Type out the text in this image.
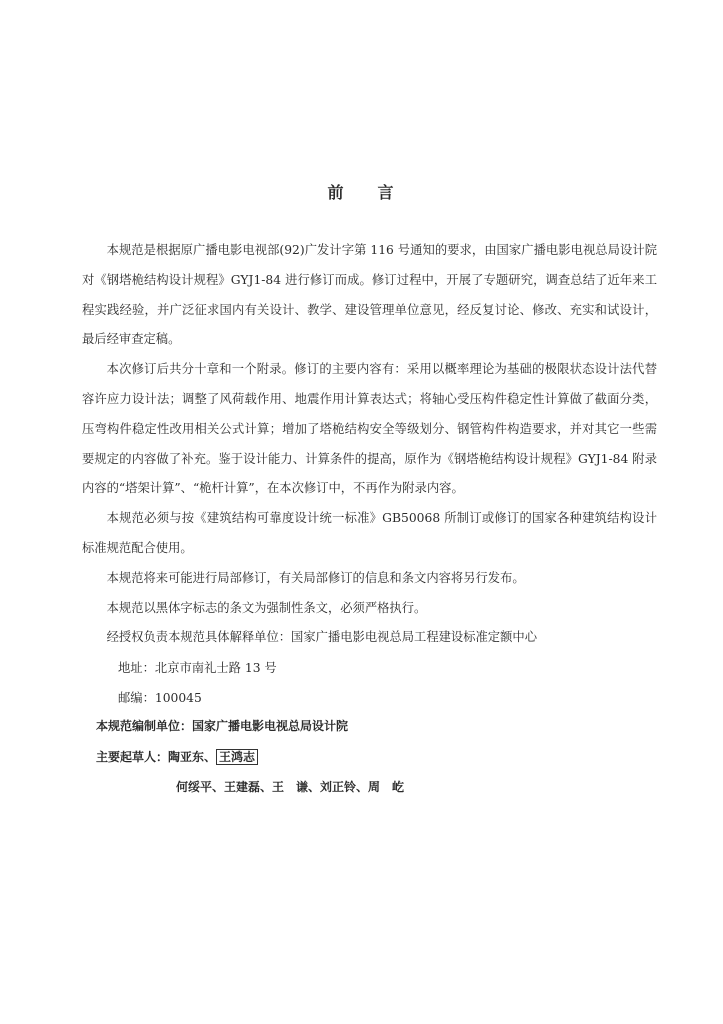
前 言

本规范是根据原广播电影电视部(92)广发计字第 116 号通知的要求，由国家广播电影电视总局设计院对《钢塔桅结构设计规程》GYJ1-84 进行修订而成。修订过程中，开展了专题研究，调查总结了近年来工程实践经验，并广泛征求国内有关设计、教学、建设管理单位意见，经反复讨论、修改、充实和试设计，最后经审查定稿。

本次修订后共分十章和一个附录。修订的主要内容有：采用以概率理论为基础的极限状态设计法代替容许应力设计法；调整了风荷载作用、地震作用计算表达式；将轴心受压构件稳定性计算做了截面分类，压弯构件稳定性改用相关公式计算；增加了塔桅结构安全等级划分、钢管构件构造要求，并对其它一些需要规定的内容做了补充。鉴于设计能力、计算条件的提高，原作为《钢塔桅结构设计规程》GYJ1-84 附录内容的“塔架计算”、“桅杆计算”，在本次修订中，不再作为附录内容。

本规范必须与按《建筑结构可靠度设计统一标准》GB50068 所制订或修订的国家各种建筑结构设计标准规范配合使用。

本规范将来可能进行局部修订，有关局部修订的信息和条文内容将另行发布。

本规范以黑体字标志的条文为强制性条文，必须严格执行。

经授权负责本规范具体解释单位：国家广播电影电视总局工程建设标准定额中心

地址：北京市南礼士路 13 号
邮编：100045
本规范编制单位：国家广播电影电视总局设计院
主要起草人：陶亚东、 王鸿志
何绥平、王建磊、王　谦、刘正铃、周　屹
